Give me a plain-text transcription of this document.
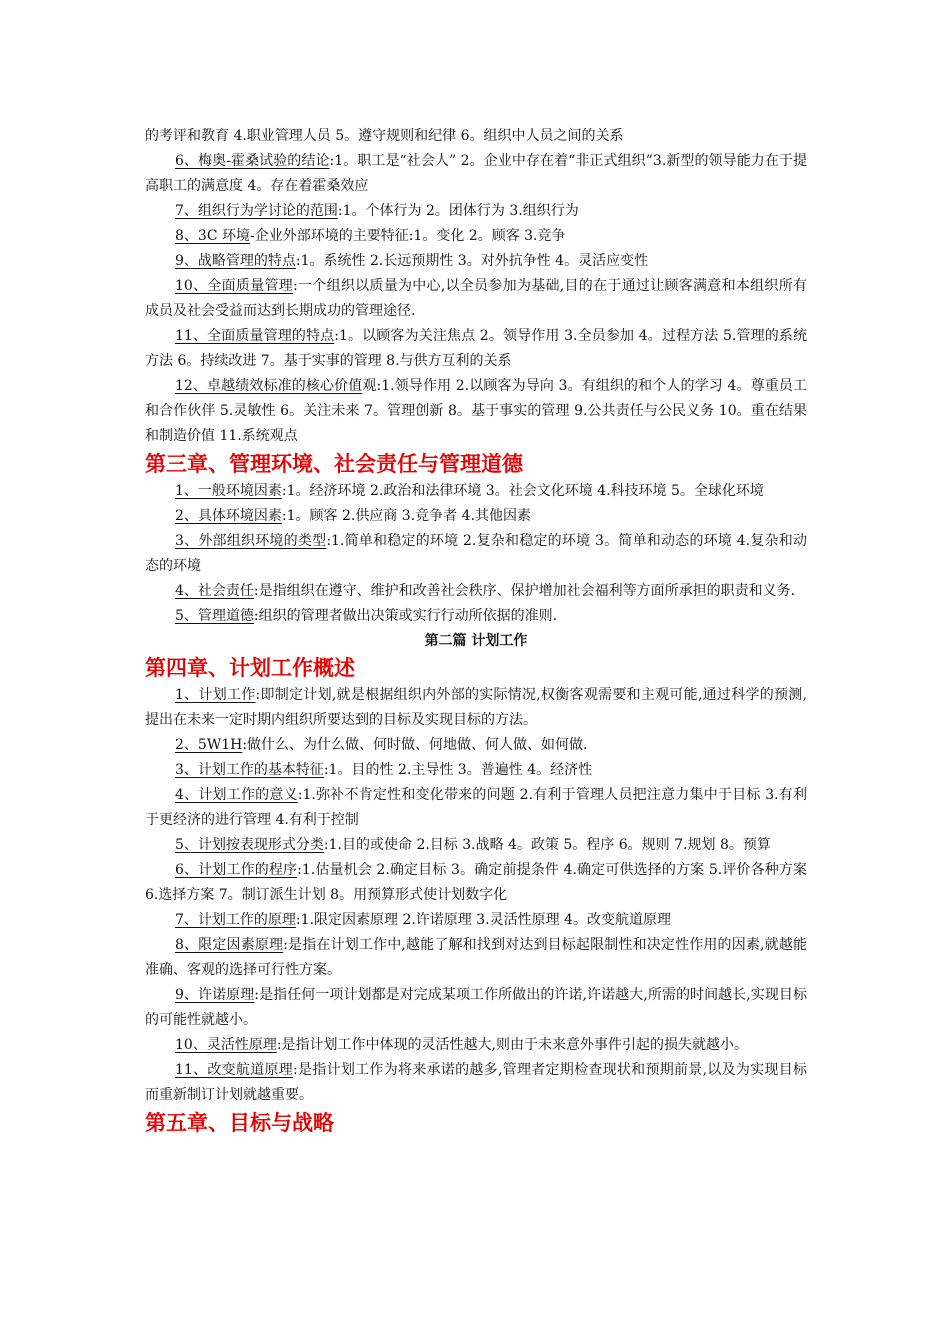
的考评和教育 4.职业管理人员 5。遵守规则和纪律 6。组织中人员之间的关系

6、梅奥-霍桑试验的结论:1。职工是“社会人” 2。企业中存在着“非正式组织”3.新型的领导能力在于提高职工的满意度 4。存在着霍桑效应

7、组织行为学讨论的范围:1。个体行为 2。团体行为 3.组织行为

8、3C 环境-企业外部环境的主要特征:1。变化 2。顾客 3.竞争

9、战略管理的特点:1。系统性 2.长远预期性 3。对外抗争性 4。灵活应变性

10、全面质量管理:一个组织以质量为中心,以全员参加为基础,目的在于通过让顾客满意和本组织所有成员及社会受益而达到长期成功的管理途径.

11、全面质量管理的特点:1。以顾客为关注焦点 2。领导作用 3.全员参加 4。过程方法 5.管理的系统方法 6。持续改进 7。基于实事的管理 8.与供方互利的关系

12、卓越绩效标准的核心价值观:1.领导作用 2.以顾客为导向 3。有组织的和个人的学习 4。尊重员工和合作伙伴 5.灵敏性 6。关注未来 7。管理创新 8。基于事实的管理 9.公共责任与公民义务 10。重在结果和制造价值 11.系统观点

第三章、管理环境、社会责任与管理道德

1、一般环境因素:1。经济环境 2.政治和法律环境 3。社会文化环境 4.科技环境 5。全球化环境

2、具体环境因素:1。顾客 2.供应商 3.竞争者 4.其他因素

3、外部组织环境的类型:1.简单和稳定的环境 2.复杂和稳定的环境 3。简单和动态的环境 4.复杂和动态的环境

4、社会责任:是指组织在遵守、维护和改善社会秩序、保护增加社会福利等方面所承担的职责和义务.

5、管理道德:组织的管理者做出决策或实行行动所依据的准则.

第二篇 计划工作

第四章、计划工作概述

1、计划工作:即制定计划,就是根据组织内外部的实际情况,权衡客观需要和主观可能,通过科学的预测,提出在未来一定时期内组织所要达到的目标及实现目标的方法。

2、5W1H:做什么、为什么做、何时做、何地做、何人做、如何做.

3、计划工作的基本特征:1。目的性 2.主导性 3。普遍性 4。经济性

4、计划工作的意义:1.弥补不肯定性和变化带来的问题 2.有利于管理人员把注意力集中于目标 3.有利于更经济的进行管理 4.有利于控制

5、计划按表现形式分类:1.目的或使命 2.目标 3.战略 4。政策 5。程序 6。规则 7.规划 8。预算

6、计划工作的程序:1.估量机会 2.确定目标 3。确定前提条件 4.确定可供选择的方案 5.评价各种方案 6.选择方案 7。制订派生计划 8。用预算形式使计划数字化

7、计划工作的原理:1.限定因素原理 2.许诺原理 3.灵活性原理 4。改变航道原理

8、限定因素原理:是指在计划工作中,越能了解和找到对达到目标起限制性和决定性作用的因素,就越能准确、客观的选择可行性方案。

9、许诺原理:是指任何一项计划都是对完成某项工作所做出的许诺,许诺越大,所需的时间越长,实现目标的可能性就越小。

10、灵活性原理:是指计划工作中体现的灵活性越大,则由于未来意外事件引起的损失就越小。

11、改变航道原理:是指计划工作为将来承诺的越多,管理者定期检查现状和预期前景,以及为实现目标而重新制订计划就越重要。

第五章、目标与战略
